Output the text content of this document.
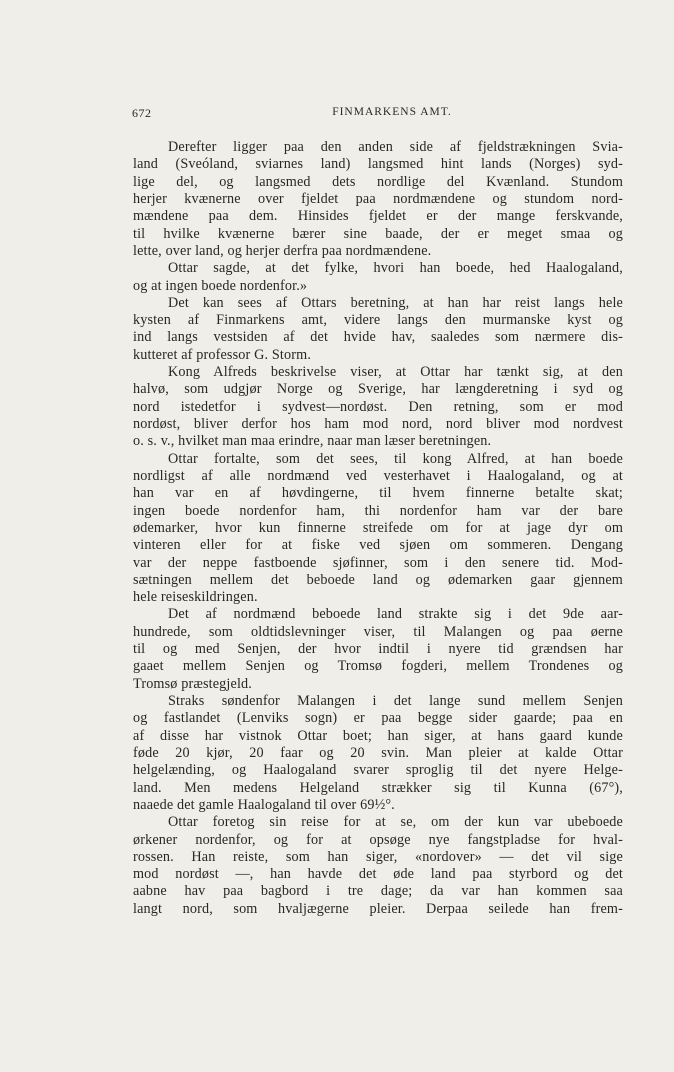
672	FINMARKENS AMT.
Derefter ligger paa den anden side af fjeldstrækningen Svia-
land (Sveóland, sviarnes land) langsmed hint lands (Norges) syd-
lige del, og langsmed dets nordlige del Kvænland. Stundom
herjer kvænerne over fjeldet paa nordmændene og stundom nord-
mændene paa dem. Hinsides fjeldet er der mange ferskvande,
til hvilke kvænerne bærer sine baade, der er meget smaa og
lette, over land, og herjer derfra paa nordmændene.
Ottar sagde, at det fylke, hvori han boede, hed Haalogaland,
og at ingen boede nordenfor.»
Det kan sees af Ottars beretning, at han har reist langs hele
kysten af Finmarkens amt, videre langs den murmanske kyst og
ind langs vestsiden af det hvide hav, saaledes som nærmere dis-
kutteret af professor G. Storm.
Kong Alfreds beskrivelse viser, at Ottar har tænkt sig, at den
halvø, som udgjør Norge og Sverige, har længderetning i syd og
nord istedetfor i sydvest—nordøst. Den retning, som er mod
nordøst, bliver derfor hos ham mod nord, nord bliver mod nordvest
o. s. v., hvilket man maa erindre, naar man læser beretningen.
Ottar fortalte, som det sees, til kong Alfred, at han boede
nordligst af alle nordmænd ved vesterhavet i Haalogaland, og at
han var en af høvdingerne, til hvem finnerne betalte skat;
ingen boede nordenfor ham, thi nordenfor ham var der bare
ødemarker, hvor kun finnerne streifede om for at jage dyr om
vinteren eller for at fiske ved sjøen om sommeren. Dengang
var der neppe fastboende sjøfinner, som i den senere tid. Mod-
sætningen mellem det beboede land og ødemarken gaar gjennem
hele reiseskildringen.
Det af nordmænd beboede land strakte sig i det 9de aar-
hundrede, som oldtidslevninger viser, til Malangen og paa øerne
til og med Senjen, der hvor indtil i nyere tid grændsen har
gaaet mellem Senjen og Tromsø fogderi, mellem Trondenes og
Tromsø præstegjeld.
Straks søndenfor Malangen i det lange sund mellem Senjen
og fastlandet (Lenviks sogn) er paa begge sider gaarde; paa en
af disse har vistnok Ottar boet; han siger, at hans gaard kunde
føde 20 kjør, 20 faar og 20 svin. Man pleier at kalde Ottar
helgelænding, og Haalogaland svarer sproglig til det nyere Helge-
land. Men medens Helgeland strækker sig til Kunna (67°),
naaede det gamle Haalogaland til over 69½°.
Ottar foretog sin reise for at se, om der kun var ubeboede
ørkener nordenfor, og for at opsøge nye fangstpladse for hval-
rossen. Han reiste, som han siger, «nordover» — det vil sige
mod nordøst —, han havde det øde land paa styrbord og det
aabne hav paa bagbord i tre dage; da var han kommen saa
langt nord, som hvaljægerne pleier. Derpaa seilede han frem-
